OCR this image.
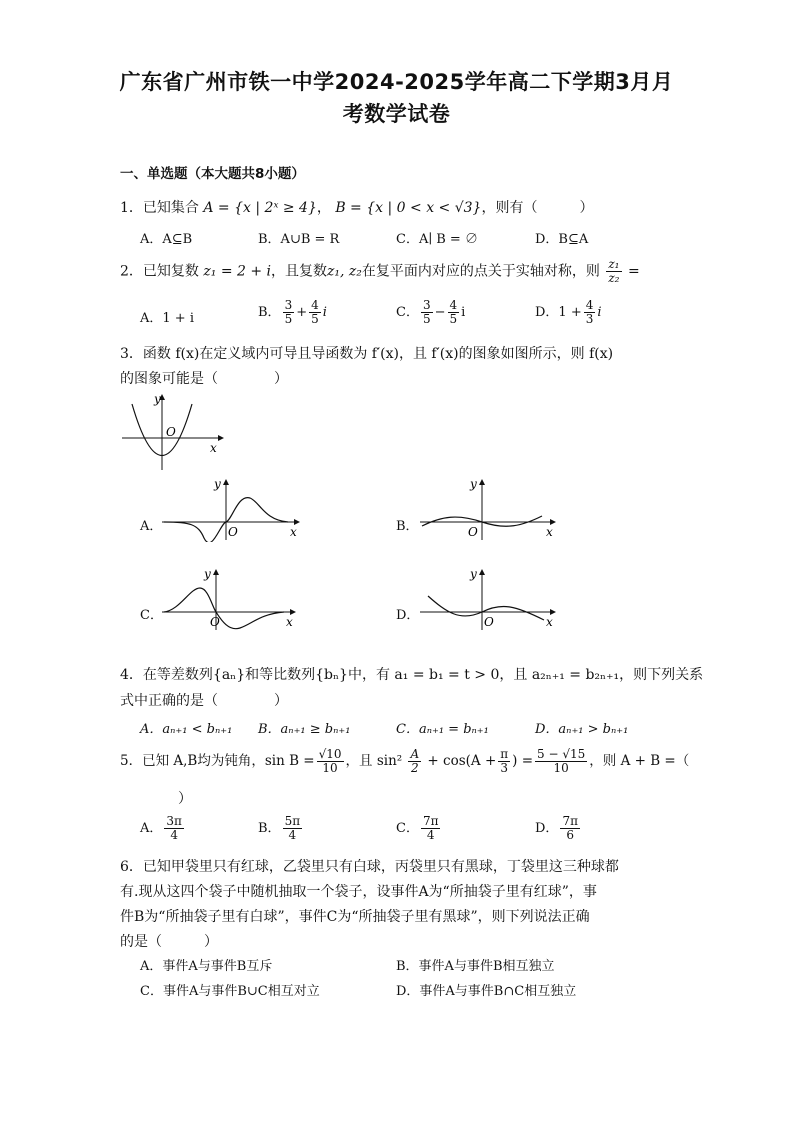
广东省广州市铁一中学2024-2025学年高二下学期3月月
考数学试卷
一、单选题（本大题共8小题）
1．已知集合 A = {x | 2ˣ ≥ 4}， B = {x | 0 < x < √3}，则有（　　　）
A．A⊆B	B．A∪B = R	C．A∣ B = ∅	D．B⊆A
2．已知复数 z₁ = 2 + i，且复数z₁, z₂在复平面内对应的点关于实轴对称，则 $\frac{\text{z₁}}{\text{z₂}}$ =
A．1 + i	B． $\frac{3}{5} + \frac{4}{5}$ i	C． $\frac{3}{5} - \frac{4}{5}$ i	D．$1 + \frac{4}{3}$ i
3．函数 f(x)在定义域内可导且导函数为 f′(x)，且 f′(x)的图象如图所示，则 f(x)
的图象可能是（　　　　）
O
x
y
A．	O	x
y
B．	O	x
y
C．	O	x
y
D．	O	x
y
4．在等差数列{aₙ}和等比数列{bₙ}中，有 a₁ = b₁ = t > 0，且 a₂ₙ₊₁ = b₂ₙ₊₁，则下列关系
式中正确的是（　　　　）
A．aₙ₊₁ < bₙ₊₁ B．aₙ₊₁ ≥ bₙ₊₁	C．aₙ₊₁ = bₙ₊₁	D．aₙ₊₁ > bₙ₊₁
5．已知 A,B均为钝角，$\sin B = \frac{√10}{10}$ ，且 $\sin^2 \frac{A}{2} + \cos(A + \frac{\pi}{3}$ ) = $\frac{5 - √15}{10}$ ，则 A + B =（
）
A． $\frac{3\pi}{4}$	B． $\frac{5\pi}{4}$	C． $\frac{7\pi}{4}$	D． $\frac{7\pi}{6}$
6．已知甲袋里只有红球，乙袋里只有白球，丙袋里只有黑球，丁袋里这三种球都
有.现从这四个袋子中随机抽取一个袋子，设事件A为“所抽袋子里有红球”，事
件B为“所抽袋子里有白球”，事件C为“所抽袋子里有黑球”，则下列说法正确
的是（　　　）
A．事件A与事件B互斥	B．事件A与事件B相互独立
C．事件A与事件B∪C相互对立	D．事件A与事件B∩C相互独立
